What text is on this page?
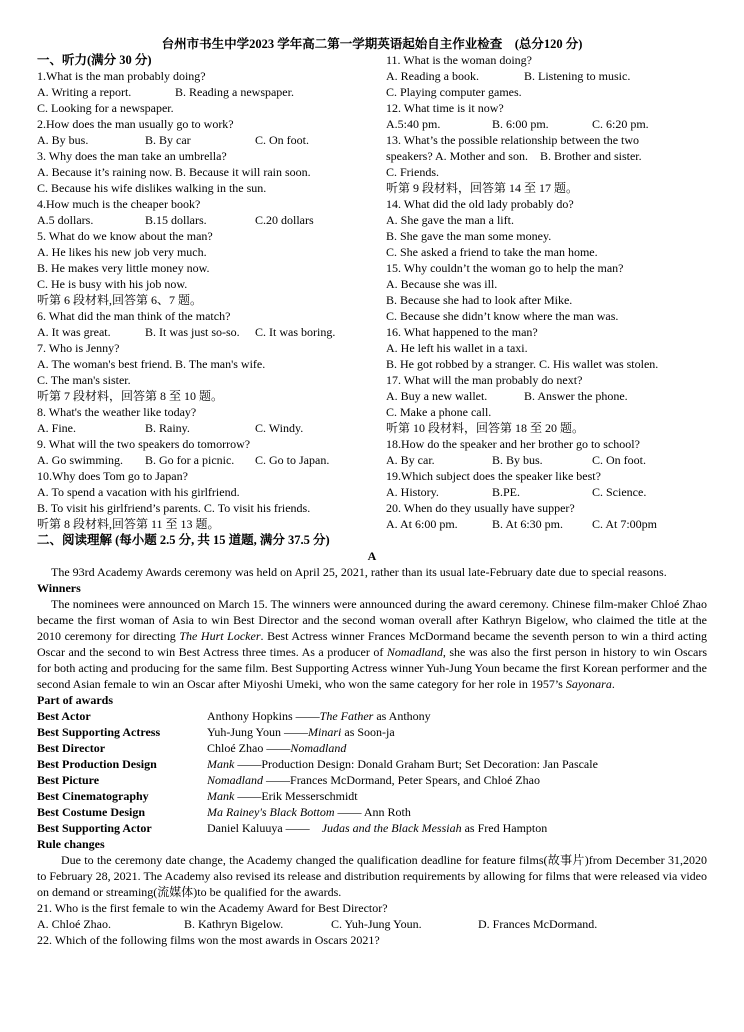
台州市书生中学2023 学年高二第一学期英语起始自主作业检查　(总分120 分)
一、听力(满分 30 分)
1.What is the man probably doing?
A. Writing a report.	B. Reading a newspaper.
C. Looking for a newspaper.
2.How does the man usually go to work?
A. By bus.	B. By car	C. On foot.
3. Why does the man take an umbrella?
A. Because it’s raining now. B. Because it will rain soon.
C. Because his wife dislikes walking in the sun.
4.How much is the cheaper book?
A.5 dollars.	B.15 dollars.	C.20 dollars
5. What do we know about the man?
A. He likes his new job very much.
B. He makes very little money now.
C. He is busy with his job now.
听第 6 段材料,回答第 6、7 题。
6. What did the man think of the match?
A. It was great.	B. It was just so-so.	C. It was boring.
7. Who is Jenny?
A. The woman's best friend. B. The man's wife.
C. The man's sister.
听第 7 段材料，回答第 8 至 10 题。
8. What's the weather like today?
A. Fine.	B. Rainy.	C. Windy.
9. What will the two speakers do tomorrow?
A. Go swimming.	B. Go for a picnic.	C. Go to Japan.
10.Why does Tom go to Japan?
A. To spend a vacation with his girlfriend.
B. To visit his girlfriend’s parents. C. To visit his friends.
听第 8 段材料,回答第 11 至 13 题。
11. What is the woman doing?
A. Reading a book.	B. Listening to music.
C. Playing computer games.
12. What time is it now?
A.5:40 pm.	B. 6:00 pm.	C. 6:20 pm.
13. What’s the possible relationship between the two
speakers? A. Mother and son.　B. Brother and sister.
C. Friends.
听第 9 段材料，回答第 14 至 17 题。
14. What did the old lady probably do?
A. She gave the man a lift.
B. She gave the man some money.
C. She asked a friend to take the man home.
15. Why couldn’t the woman go to help the man?
A. Because she was ill.
B. Because she had to look after Mike.
C. Because she didn’t know where the man was.
16. What happened to the man?
A. He left his wallet in a taxi.
B. He got robbed by a stranger. C. His wallet was stolen.
17. What will the man probably do next?
A. Buy a new wallet.	B. Answer the phone.
C. Make a phone call.
听第 10 段材料，回答第 18 至 20 题。
18.How do the speaker and her brother go to school?
A. By car.	B. By bus.	C. On foot.
19.Which subject does the speaker like best?
A. History.	B.PE.	C. Science.
20. When do they usually have supper?
A. At 6:00 pm.	B. At 6:30 pm.	C. At 7:00pm
二、阅读理解 (每小题 2.5 分, 共 15 道题, 满分 37.5 分)
A

The 93rd Academy Awards ceremony was held on April 25, 2021, rather than its usual late-February date due to special reasons.

Winners

The nominees were announced on March 15. The winners were announced during the award ceremony. Chinese film-maker Chloé Zhao became the first woman of Asia to win Best Director and the second woman overall after Kathryn Bigelow, who claimed the title at the 2010 ceremony for directing The Hurt Locker. Best Actress winner Frances McDormand became the seventh person to win a third acting Oscar and the second to win Best Actress three times. As a producer of Nomadland, she was also the first person in history to win Oscars for both acting and producing for the same film. Best Supporting Actress winner Yuh-Jung Youn became the first Korean performer and the second Asian female to win an Oscar after Miyoshi Umeki, who won the same category for her role in 1957’s Sayonara.

Part of awards
Best Actor	Anthony Hopkins ——The Father as Anthony
Best Supporting Actress	Yuh-Jung Youn ——Minari as Soon-ja
Best Director	Chloé Zhao ——Nomadland
Best Production Design	Mank ——Production Design: Donald Graham Burt; Set Decoration: Jan Pascale
Best Picture	Nomadland ——Frances McDormand, Peter Spears, and Chloé Zhao
Best Cinematography	Mank ——Erik Messerschmidt
Best Costume Design	Ma Rainey's Black Bottom —— Ann Roth
Best Supporting Actor	Daniel Kaluuya ——　Judas and the Black Messiah as Fred Hampton
Rule changes

Due to the ceremony date change, the Academy changed the qualification deadline for feature films(故事片)from December 31,2020 to February 28, 2021. The Academy also revised its release and distribution requirements by allowing for films that were released via video on demand or streaming(流媒体)to be qualified for the awards.

21. Who is the first female to win the Academy Award for Best Director?
A. Chloé Zhao.	B. Kathryn Bigelow.	C. Yuh-Jung Youn.	D. Frances McDormand.
22. Which of the following films won the most awards in Oscars 2021?
